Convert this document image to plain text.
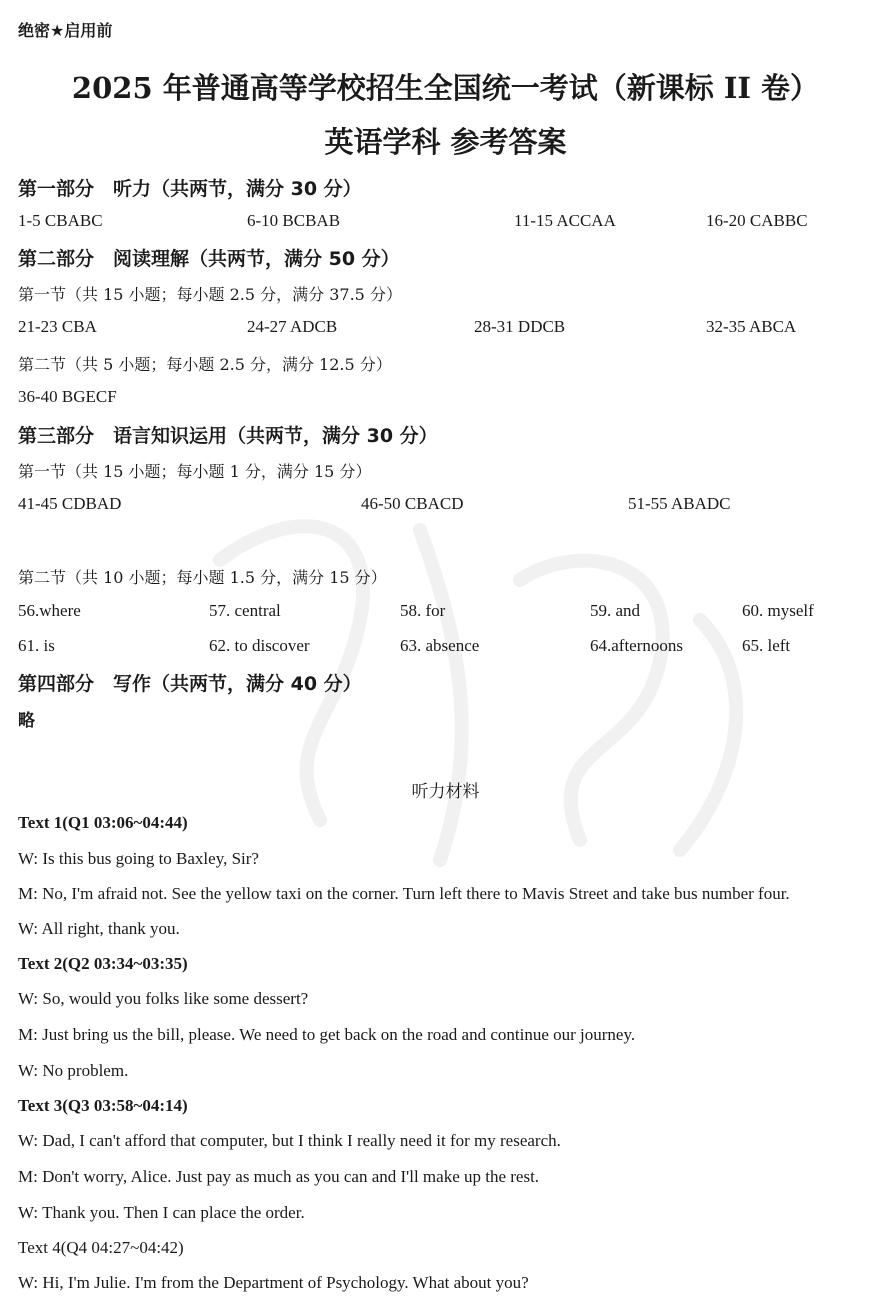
绝密★启用前
2025 年普通高等学校招生全国统一考试（新课标 II 卷）
英语学科 参考答案
第一部分　听力（共两节，满分 30 分）
1-5 CBABC	6-10 BCBAB	11-15 ACCAA	16-20 CABBC
第二部分　阅读理解（共两节，满分 50 分）
第一节（共 15 小题；每小题 2.5 分，满分 37.5 分）
21-23 CBA	24-27 ADCB	28-31 DDCB	32-35 ABCA
第二节（共 5 小题；每小题 2.5 分，满分 12.5 分）
36-40 BGECF
第三部分　语言知识运用（共两节，满分 30 分）
第一节（共 15 小题；每小题 1 分，满分 15 分）
41-45 CDBAD	46-50 CBACD	51-55 ABADC
第二节（共 10 小题；每小题 1.5 分，满分 15 分）
56.where	57. central	58. for	59. and	60. myself
61. is	62. to discover	63. absence	64.afternoons	65. left
第四部分　写作（共两节，满分 40 分）
略
听力材料
Text 1(Q1 03:06~04:44)
W: Is this bus going to Baxley, Sir?
M: No, I'm afraid not. See the yellow taxi on the corner. Turn left there to Mavis Street and take bus number four.
W: All right, thank you.
Text 2(Q2 03:34~03:35)
W: So, would you folks like some dessert?
M: Just bring us the bill, please. We need to get back on the road and continue our journey.
W: No problem.
Text 3(Q3 03:58~04:14)
W: Dad, I can't afford that computer, but I think I really need it for my research.
M: Don't worry, Alice. Just pay as much as you can and I'll make up the rest.
W: Thank you. Then I can place the order.
Text 4(Q4 04:27~04:42)
W: Hi, I'm Julie. I'm from the Department of Psychology. What about you?
